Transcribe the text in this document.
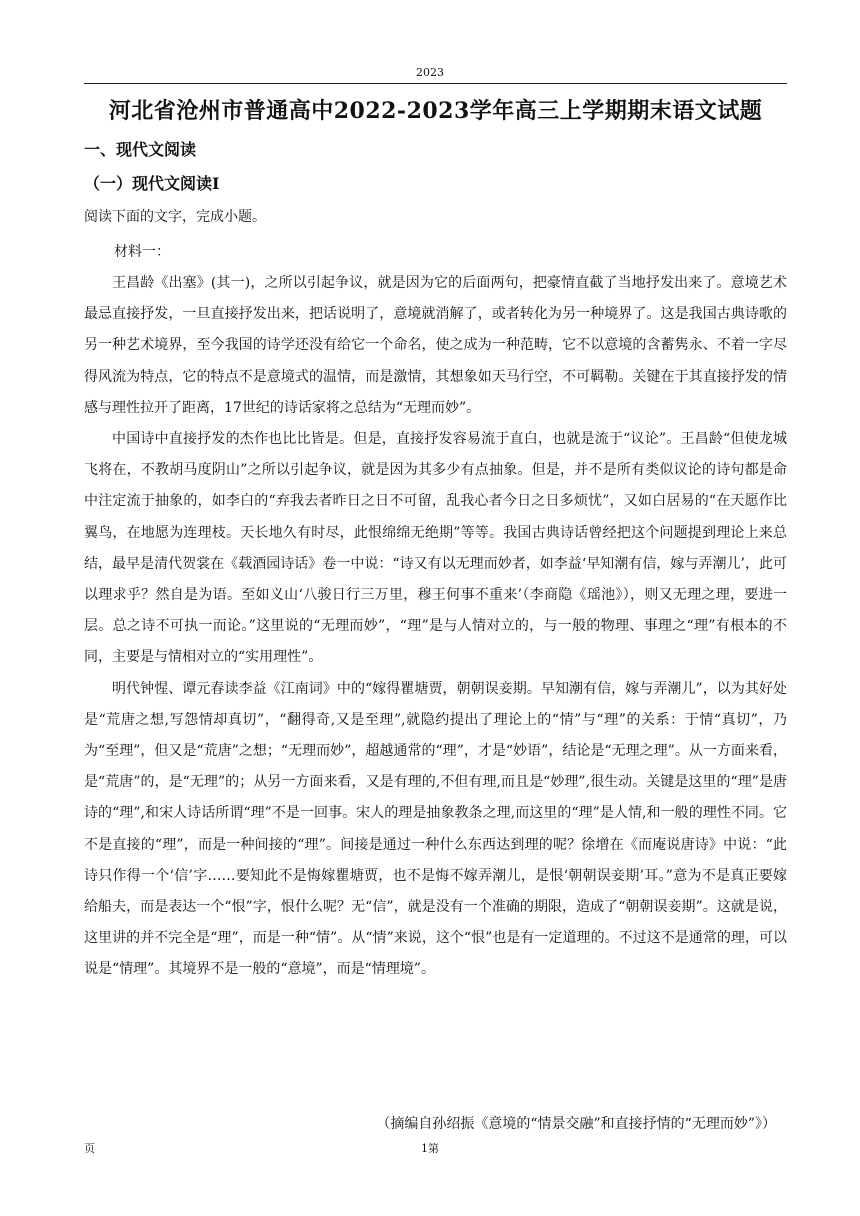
2023
河北省沧州市普通高中2022-2023学年高三上学期期末语文试题
一、现代文阅读
（一）现代文阅读Ⅰ
阅读下面的文字，完成小题。
材料一：

王昌龄《出塞》(其一)，之所以引起争议，就是因为它的后面两句，把豪情直截了当地抒发出来了。意境艺术最忌直接抒发，一旦直接抒发出来，把话说明了，意境就消解了，或者转化为另一种境界了。这是我国古典诗歌的另一种艺术境界，至今我国的诗学还没有给它一个命名，使之成为一种范畴，它不以意境的含蓄隽永、不着一字尽得风流为特点，它的特点不是意境式的温情，而是激情，其想象如天马行空，不可羁勒。关键在于其直接抒发的情感与理性拉开了距离，17世纪的诗话家将之总结为“无理而妙”。

中国诗中直接抒发的杰作也比比皆是。但是，直接抒发容易流于直白，也就是流于“议论”。王昌龄“但使龙城飞将在，不教胡马度阴山”之所以引起争议，就是因为其多少有点抽象。但是，并不是所有类似议论的诗句都是命中注定流于抽象的，如李白的“弃我去者昨日之日不可留，乱我心者今日之日多烦忧”，又如白居易的“在天愿作比翼鸟，在地愿为连理枝。天长地久有时尽，此恨绵绵无绝期”等等。我国古典诗话曾经把这个问题提到理论上来总结，最早是清代贺裳在《载酒园诗话》卷一中说：“诗又有以无理而妙者，如李益‘早知潮有信，嫁与弄潮儿’，此可以理求乎？然自是为语。至如义山‘八骏日行三万里，穆王何事不重来’（李商隐《瑶池》），则又无理之理，要进一层。总之诗不可执一而论。”这里说的“无理而妙”，“理”是与人情对立的，与一般的物理、事理之“理”有根本的不同，主要是与情相对立的“实用理性”。

明代钟惺、谭元春读李益《江南词》中的“嫁得瞿塘贾，朝朝误妾期。早知潮有信，嫁与弄潮儿”，以为其好处是“荒唐之想,写怨情却真切”，“翻得奇,又是至理”,就隐约提出了理论上的“情”与“理”的关系：于情“真切”，乃为“至理”，但又是“荒唐”之想；“无理而妙”，超越通常的“理”，才是“妙语”，结论是“无理之理”。从一方面来看，是“荒唐”的，是“无理”的；从另一方面来看，又是有理的,不但有理,而且是“妙理”,很生动。关键是这里的“理”是唐诗的“理”,和宋人诗话所谓“理”不是一回事。宋人的理是抽象教条之理,而这里的“理”是人情,和一般的理性不同。它不是直接的“理”，而是一种间接的“理”。间接是通过一种什么东西达到理的呢？徐增在《而庵说唐诗》中说：“此诗只作得一个‘信’字……要知此不是悔嫁瞿塘贾，也不是悔不嫁弄潮儿，是恨‘朝朝误妾期’耳。”意为不是真正要嫁给船夫，而是表达一个“恨”字，恨什么呢？无“信”，就是没有一个准确的期限，造成了“朝朝误妾期”。这就是说，这里讲的并不完全是“理”，而是一种“情”。从“情”来说，这个“恨”也是有一定道理的。不过这不是通常的理，可以说是“情理”。其境界不是一般的“意境”，而是“情理境”。

（摘编自孙绍振《意境的“情景交融”和直接抒情的“无理而妙”》）
页	1第
